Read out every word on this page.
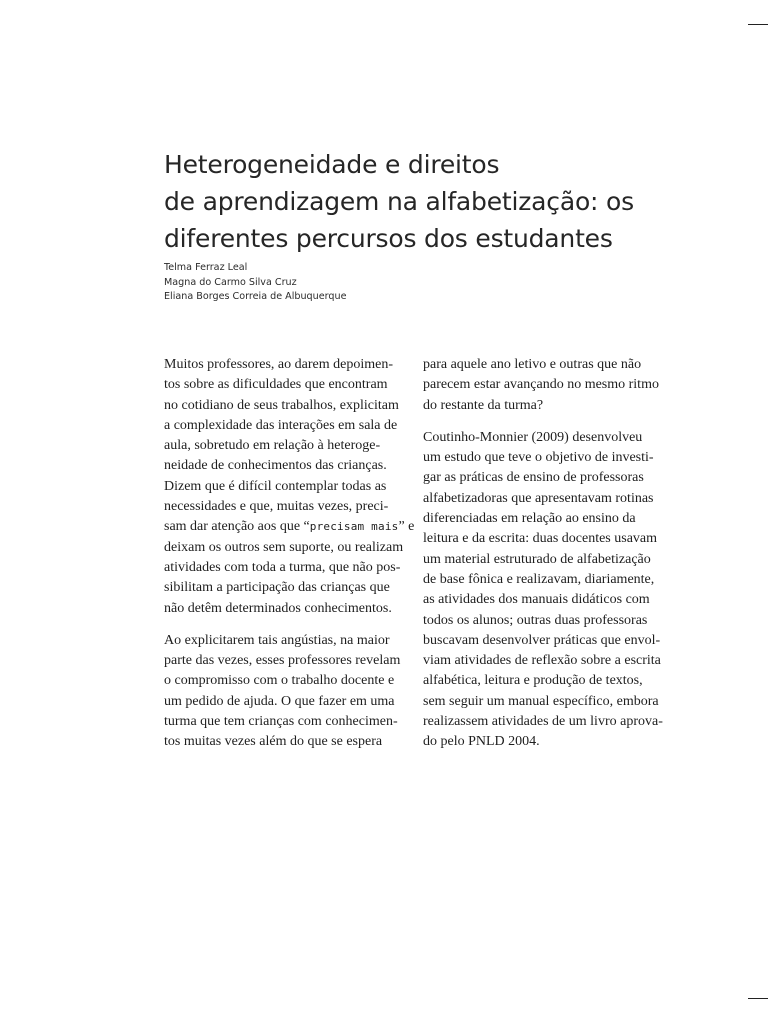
Heterogeneidade e direitos
de aprendizagem na alfabetização: os
diferentes percursos dos estudantes
Telma Ferraz Leal
Magna do Carmo Silva Cruz
Eliana Borges Correia de Albuquerque

Muitos professores, ao darem depoimen-
tos sobre as dificuldades que encontram
no cotidiano de seus trabalhos, explicitam
a complexidade das interações em sala de
aula, sobretudo em relação à heteroge-
neidade de conhecimentos das crianças.
Dizem que é difícil contemplar todas as
necessidades e que, muitas vezes, preci-
sam dar atenção aos que “precisam mais” e
deixam os outros sem suporte, ou realizam
atividades com toda a turma, que não pos-
sibilitam a participação das crianças que
não detêm determinados conhecimentos.

Ao explicitarem tais angústias, na maior
parte das vezes, esses professores revelam
o compromisso com o trabalho docente e
um pedido de ajuda. O que fazer em uma
turma que tem crianças com conhecimen-
tos muitas vezes além do que se espera

para aquele ano letivo e outras que não
parecem estar avançando no mesmo ritmo
do restante da turma?

Coutinho-Monnier (2009) desenvolveu
um estudo que teve o objetivo de investi-
gar as práticas de ensino de professoras
alfabetizadoras que apresentavam rotinas
diferenciadas em relação ao ensino da
leitura e da escrita: duas docentes usavam
um material estruturado de alfabetização
de base fônica e realizavam, diariamente,
as atividades dos manuais didáticos com
todos os alunos; outras duas professoras
buscavam desenvolver práticas que envol-
viam atividades de reflexão sobre a escrita
alfabética, leitura e produção de textos,
sem seguir um manual específico, embora
realizassem atividades de um livro aprova-
do pelo PNLD 2004.
